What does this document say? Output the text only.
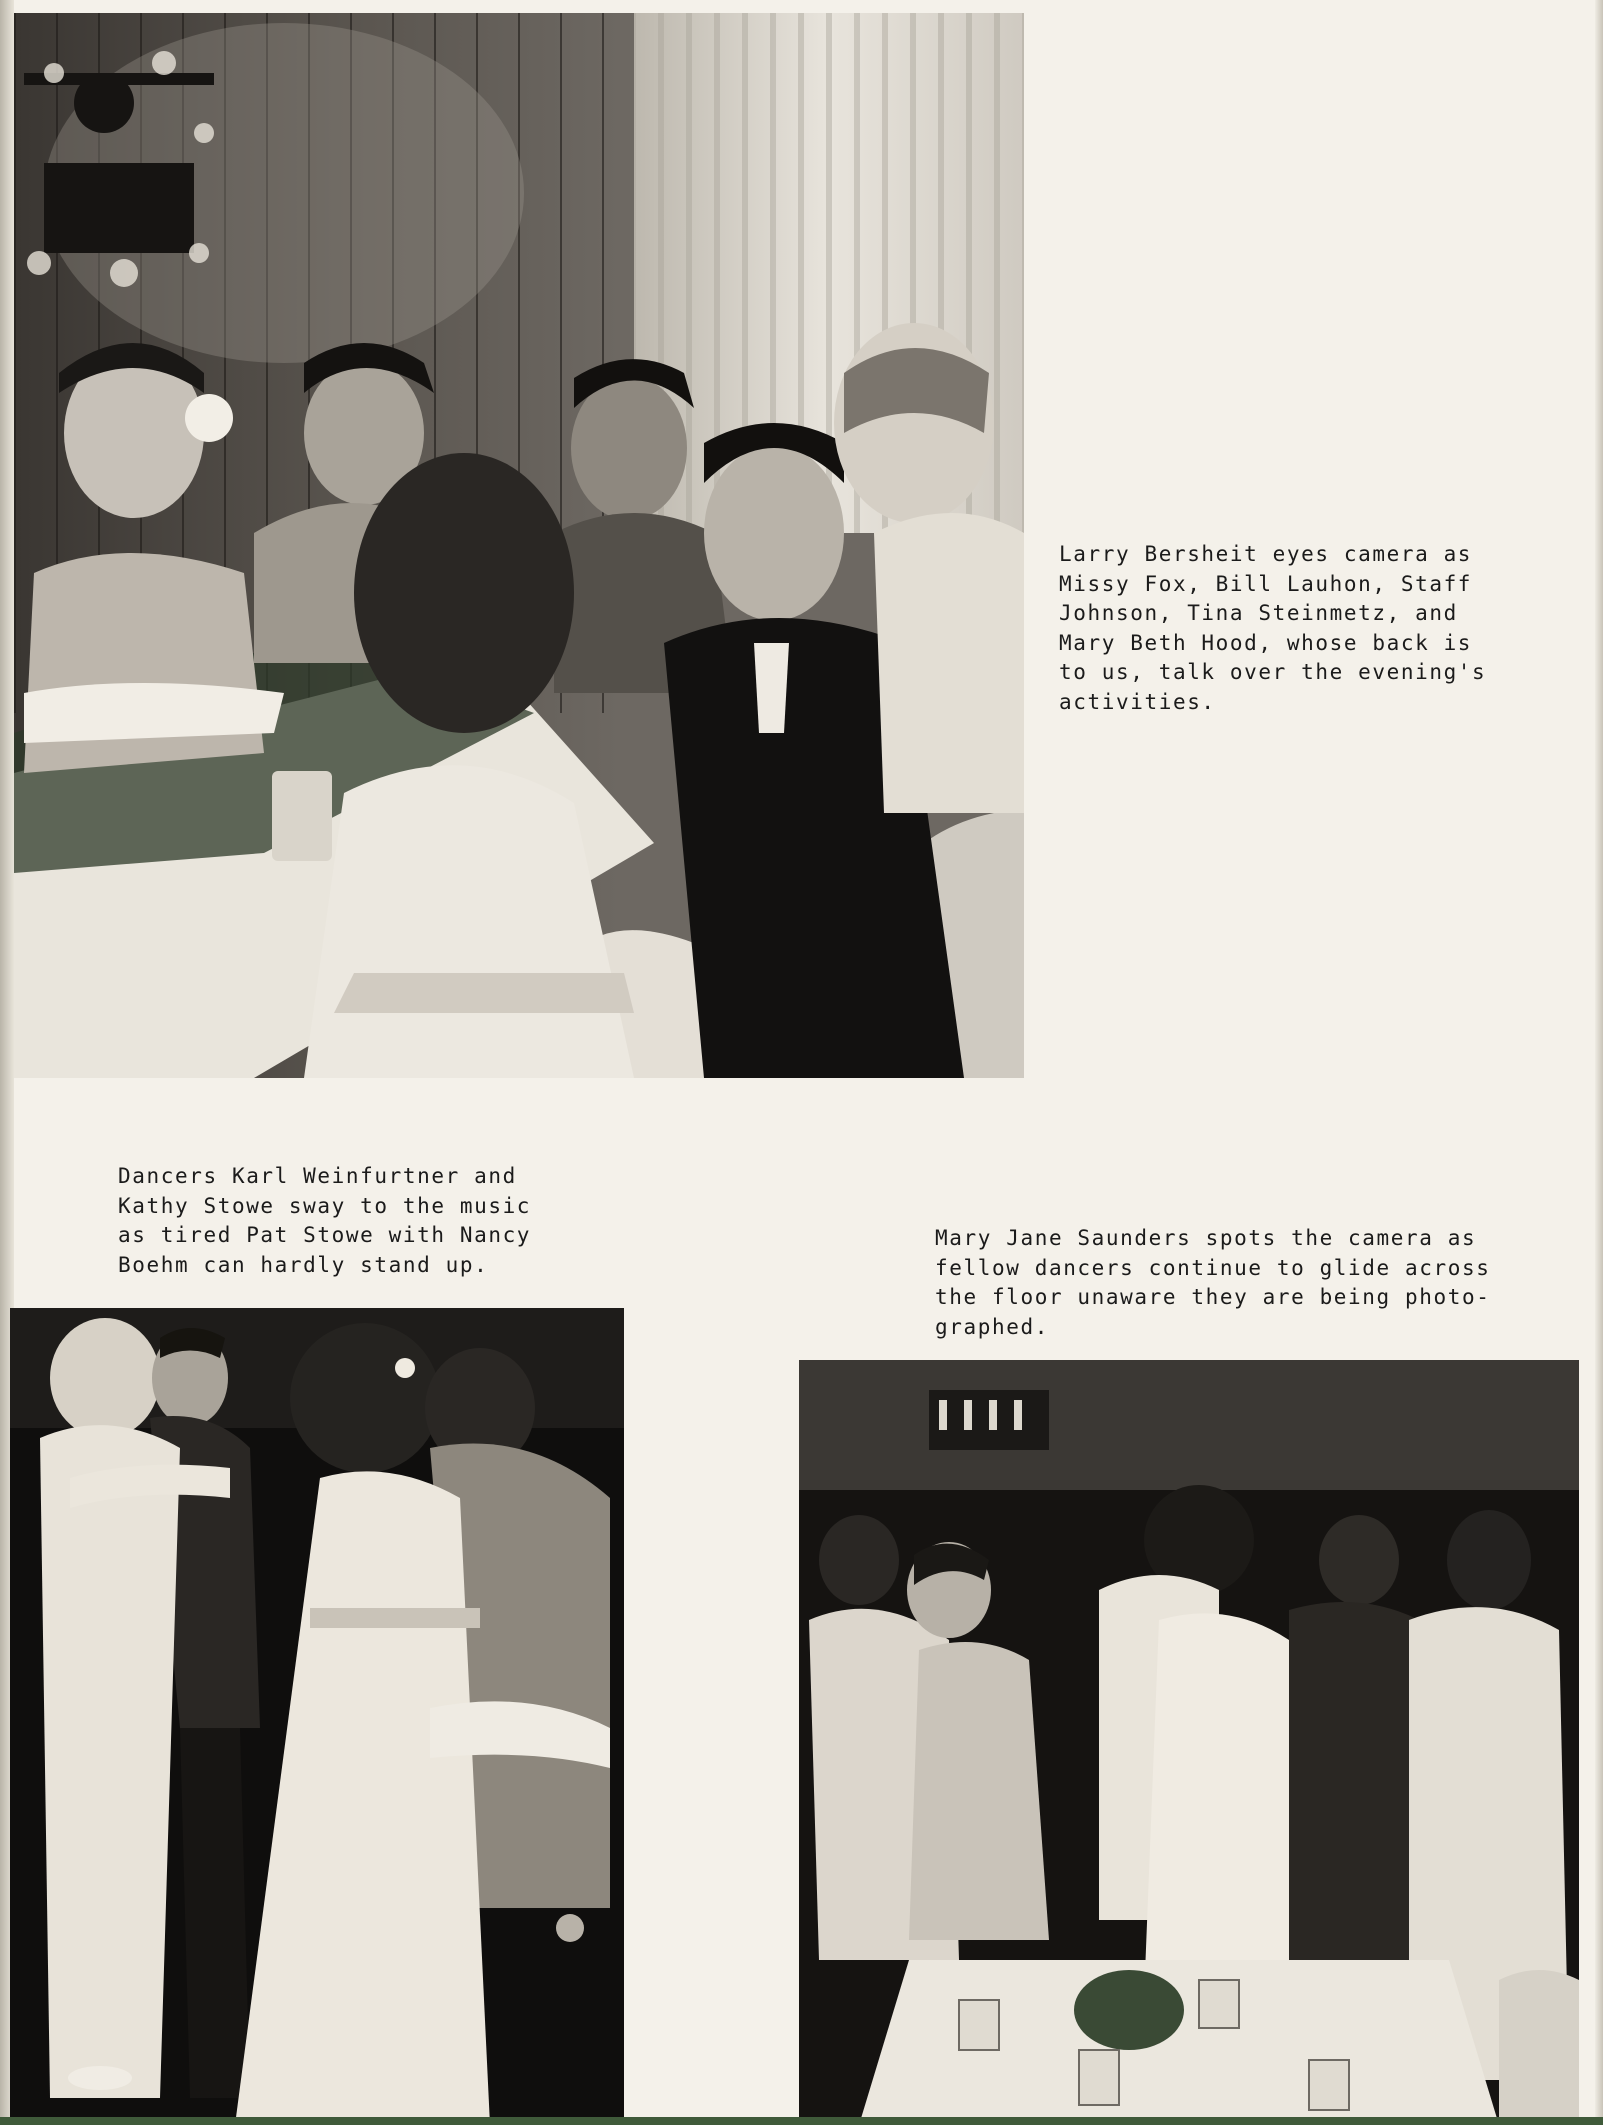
Larry Bersheit eyes camera as
Missy Fox, Bill Lauhon, Staff
Johnson, Tina Steinmetz, and
Mary Beth Hood, whose back is
to us, talk over the evening's
activities.
Dancers Karl Weinfurtner and
Kathy Stowe sway to the music
as tired Pat Stowe with Nancy
Boehm can hardly stand up.
Mary Jane Saunders spots the camera as
fellow dancers continue to glide across
the floor unaware they are being photo-
graphed.
